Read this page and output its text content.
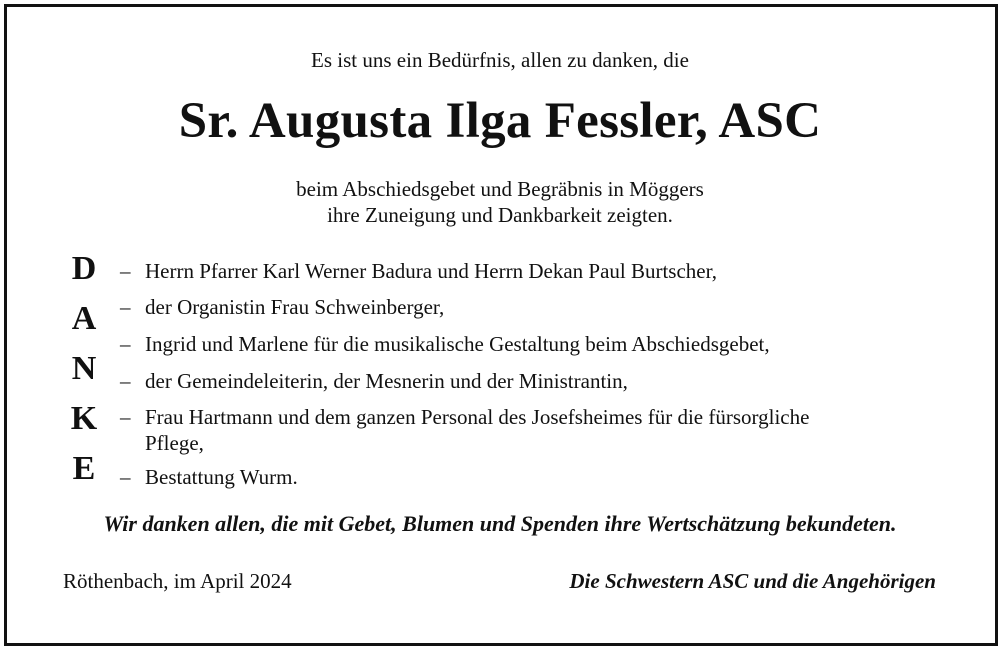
Es ist uns ein Bedürfnis, allen zu danken, die
Sr. Augusta Ilga Fessler, ASC
beim Abschiedsgebet und Begräbnis in Möggers
ihre Zuneigung und Dankbarkeit zeigten.
D
A
N
K
E
– Herrn Pfarrer Karl Werner Badura und Herrn Dekan Paul Burtscher,
– der Organistin Frau Schweinberger,
– Ingrid und Marlene für die musikalische Gestaltung beim Abschiedsgebet,
– der Gemeindeleiterin, der Mesnerin und der Ministrantin,
– Frau Hartmann und dem ganzen Personal des Josefsheimes für die fürsorgliche Pflege,
– Bestattung Wurm.
Wir danken allen, die mit Gebet, Blumen und Spenden ihre Wertschätzung bekundeten.
Röthenbach, im April 2024	Die Schwestern ASC und die Angehörigen
